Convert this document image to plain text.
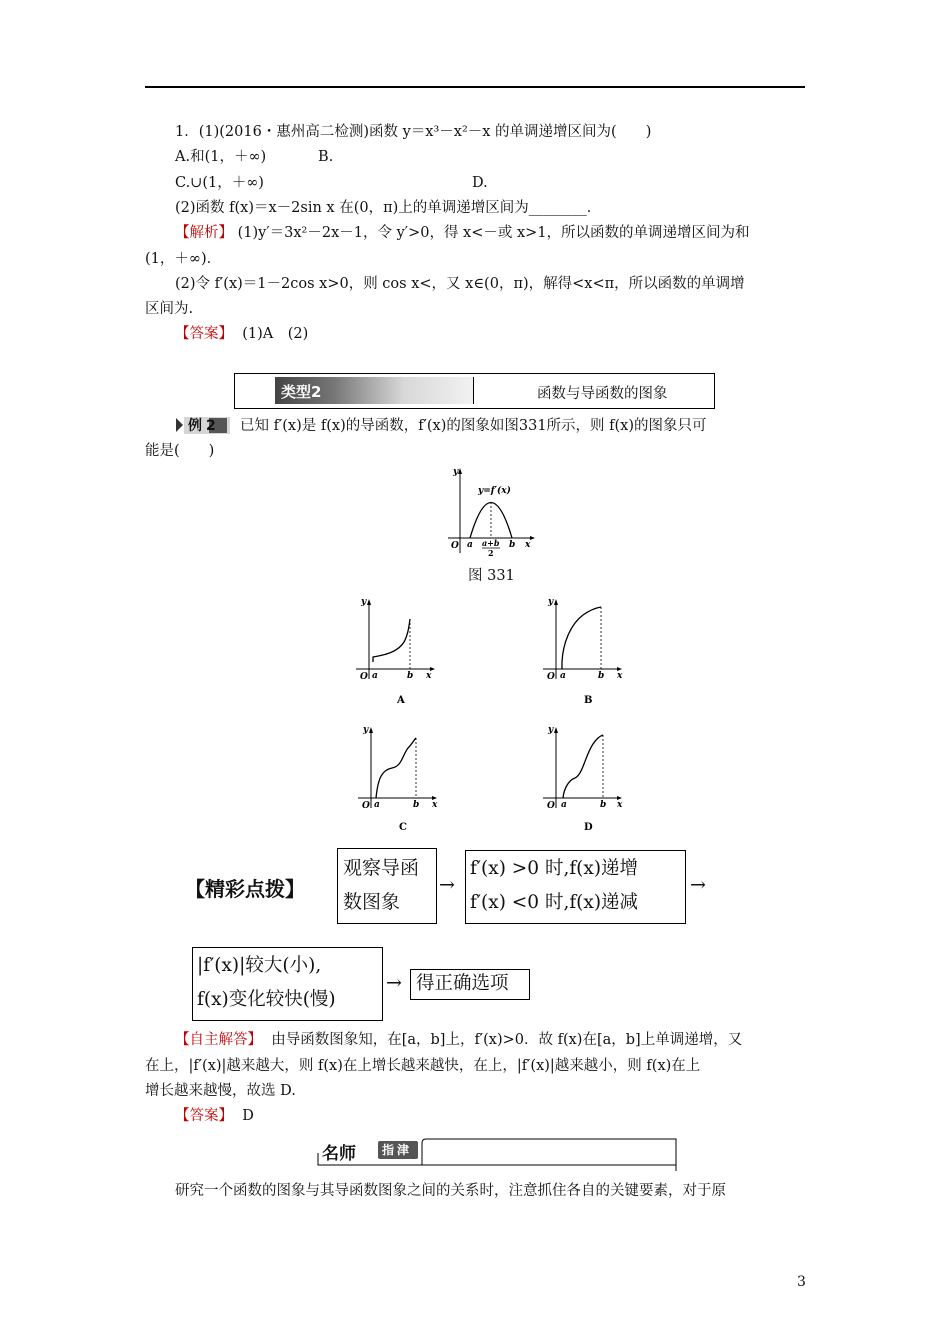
1．(1)(2016・惠州高二检测)函数 y＝x³－x²－x 的单调递增区间为(　　)
A.和(1，＋∞)	B.
C.∪(1，＋∞)	D.
(2)函数 f(x)＝x－2sin x 在(0，π)上的单调递增区间为________．
【解析】 (1)y′＝3x²－2x－1，令 y′>0，得 x<－或 x>1，所以函数的单调递增区间为和
(1，＋∞)．
(2)令 f′(x)＝1－2cos x>0，则 cos x<，又 x∈(0，π)，解得<x<π，所以函数的单调增
区间为.
【答案】 (1)A　(2)
类型2	函数与导函数的图象
例2 已知 f′(x)是 f(x)的导函数，f′(x)的图象如图331所示，则 f(x)的图象只可
能是(　　)
y
y=f′(x)
O a a+b
2
b x
图 331
y
O a	b x
A
y
O a	b x
B
y
O a	b x
C
y
O a	b x
D
【精彩点拨】
观察导函
数图象
→
f′(x) >0 时,f(x)递增
f′(x) <0 时,f(x)递减
→
|f′(x)|较大(小),
f(x)变化较快(慢)
→ 得正确选项
【自主解答】 由导函数图象知，在[a，b]上，f′(x)>0．故 f(x)在[a，b]上单调递增，又
在上，|f′(x)|越来越大，则 f(x)在上增长越来越快，在上，|f′(x)|越来越小，则 f(x)在上
增长越来越慢，故选 D.
【答案】 D
名师 指津
研究一个函数的图象与其导函数图象之间的关系时，注意抓住各自的关键要素，对于原
3
